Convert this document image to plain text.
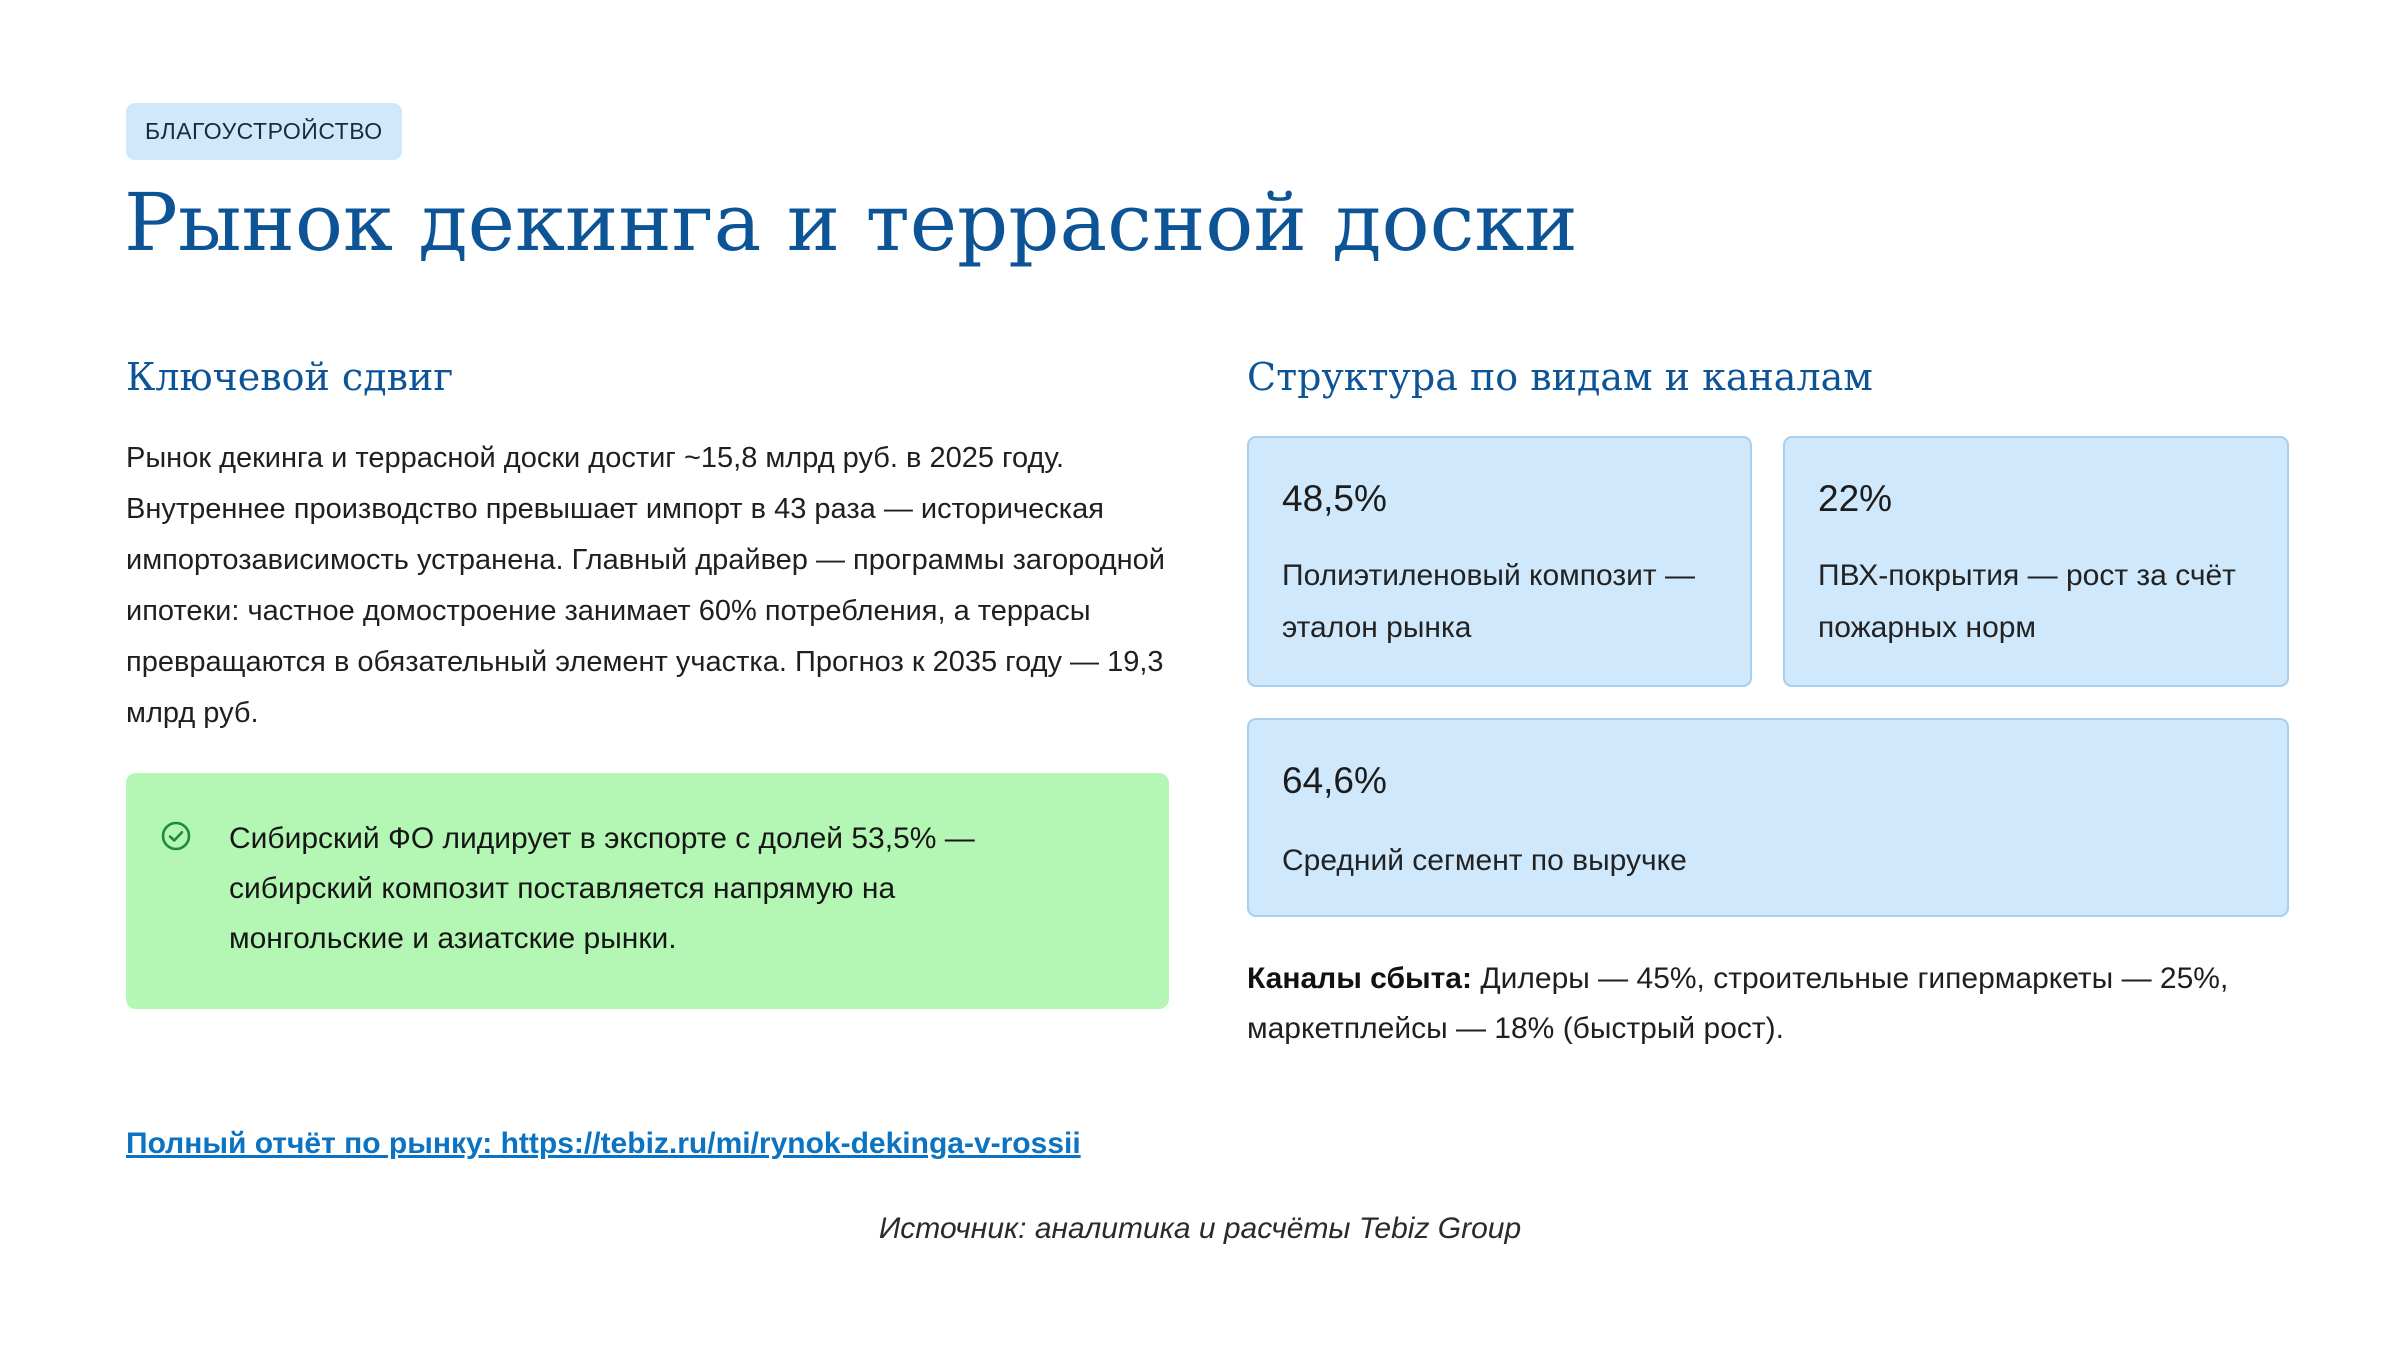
БЛАГОУСТРОЙСТВО
Рынок декинга и террасной доски
Ключевой сдвиг
Рынок декинга и террасной доски достиг ~15,8 млрд руб. в 2025 году. Внутреннее производство превышает импорт в 43 раза — историческая импортозависимость устранена. Главный драйвер — программы загородной ипотеки: частное домостроение занимает 60% потребления, а террасы превращаются в обязательный элемент участка. Прогноз к 2035 году — 19,3 млрд руб.
Сибирский ФО лидирует в экспорте с долей 53,5% — сибирский композит поставляется напрямую на монгольские и азиатские рынки.
Структура по видам и каналам
48,5%
Полиэтиленовый композит — эталон рынка
22%
ПВХ-покрытия — рост за счёт пожарных норм
64,6%
Средний сегмент по выручке
Каналы сбыта: Дилеры — 45%, строительные гипермаркеты — 25%, маркетплейсы — 18% (быстрый рост).
Полный отчёт по рынку: https://tebiz.ru/mi/rynok-dekinga-v-rossii
Источник: аналитика и расчёты Tebiz Group
